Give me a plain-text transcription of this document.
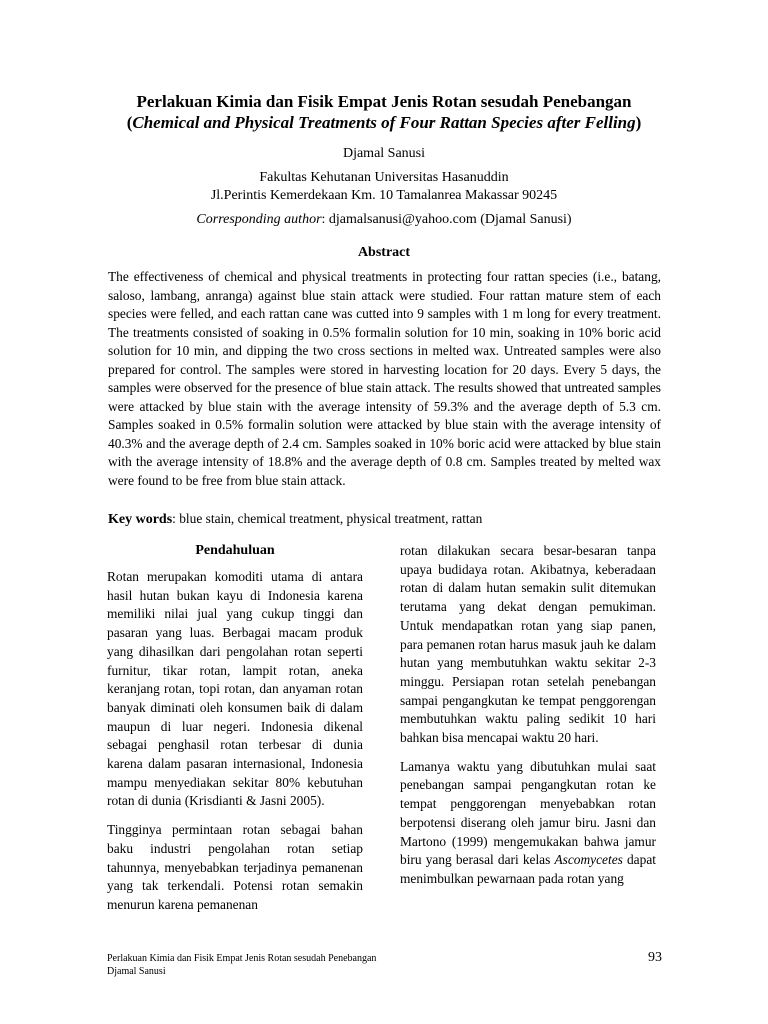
Perlakuan Kimia dan Fisik Empat Jenis Rotan sesudah Penebangan
(Chemical and Physical Treatments of Four Rattan Species after Felling)
Djamal Sanusi
Fakultas Kehutanan Universitas Hasanuddin
Jl.Perintis Kemerdekaan Km. 10 Tamalanrea Makassar 90245
Corresponding author: djamalsanusi@yahoo.com (Djamal Sanusi)
Abstract
The effectiveness of chemical and physical treatments in protecting four rattan species (i.e., batang, saloso, lambang, anranga) against blue stain attack were studied. Four rattan mature stem of each species were felled, and each rattan cane was cutted into 9 samples with 1 m long for every treatment. The treatments consisted of soaking in 0.5% formalin solution for 10 min, soaking in 10% boric acid solution for 10 min, and dipping the two cross sections in melted wax. Untreated samples were also prepared for control. The samples were stored in harvesting location for 20 days. Every 5 days, the samples were observed for the presence of blue stain attack. The results showed that untreated samples were attacked by blue stain with the average intensity of 59.3% and the average depth of 5.3 cm. Samples soaked in 0.5% formalin solution were attacked by blue stain with the average intensity of 40.3% and the average depth of 2.4 cm. Samples soaked in 10% boric acid were attacked by blue stain with the average intensity of 18.8% and the average depth of 0.8 cm. Samples treated by melted wax were found to be free from blue stain attack.
Key words: blue stain, chemical treatment, physical treatment, rattan
Pendahuluan

Rotan merupakan komoditi utama di antara hasil hutan bukan kayu di Indonesia karena memiliki nilai jual yang cukup tinggi dan pasaran yang luas. Berbagai macam produk yang dihasilkan dari pengolahan rotan seperti furnitur, tikar rotan, lampit rotan, aneka keranjang rotan, topi rotan, dan anyaman rotan banyak diminati oleh konsumen baik di dalam maupun di luar negeri. Indonesia dikenal sebagai penghasil rotan terbesar di dunia karena dalam pasaran internasional, Indonesia mampu menyediakan sekitar 80% kebutuhan rotan di dunia (Krisdianti & Jasni 2005).

Tingginya permintaan rotan sebagai bahan baku industri pengolahan rotan setiap tahunnya, menyebabkan terjadinya pemanenan yang tak terkendali. Potensi rotan semakin menurun karena pemanenan

rotan dilakukan secara besar-besaran tanpa upaya budidaya rotan. Akibatnya, keberadaan rotan di dalam hutan semakin sulit ditemukan terutama yang dekat dengan pemukiman. Untuk mendapatkan rotan yang siap panen, para pemanen rotan harus masuk jauh ke dalam hutan yang membutuhkan waktu sekitar 2-3 minggu. Persiapan rotan setelah penebangan sampai pengangkutan ke tempat penggorengan membutuhkan waktu paling sedikit 10 hari bahkan bisa mencapai waktu 20 hari.

Lamanya waktu yang dibutuhkan mulai saat penebangan sampai pengangkutan rotan ke tempat penggorengan menyebabkan rotan berpotensi diserang oleh jamur biru. Jasni dan Martono (1999) mengemukakan bahwa jamur biru yang berasal dari kelas Ascomycetes dapat menimbulkan pewarnaan pada rotan yang

Perlakuan Kimia dan Fisik Empat Jenis Rotan sesudah Penebangan
Djamal Sanusi
93
